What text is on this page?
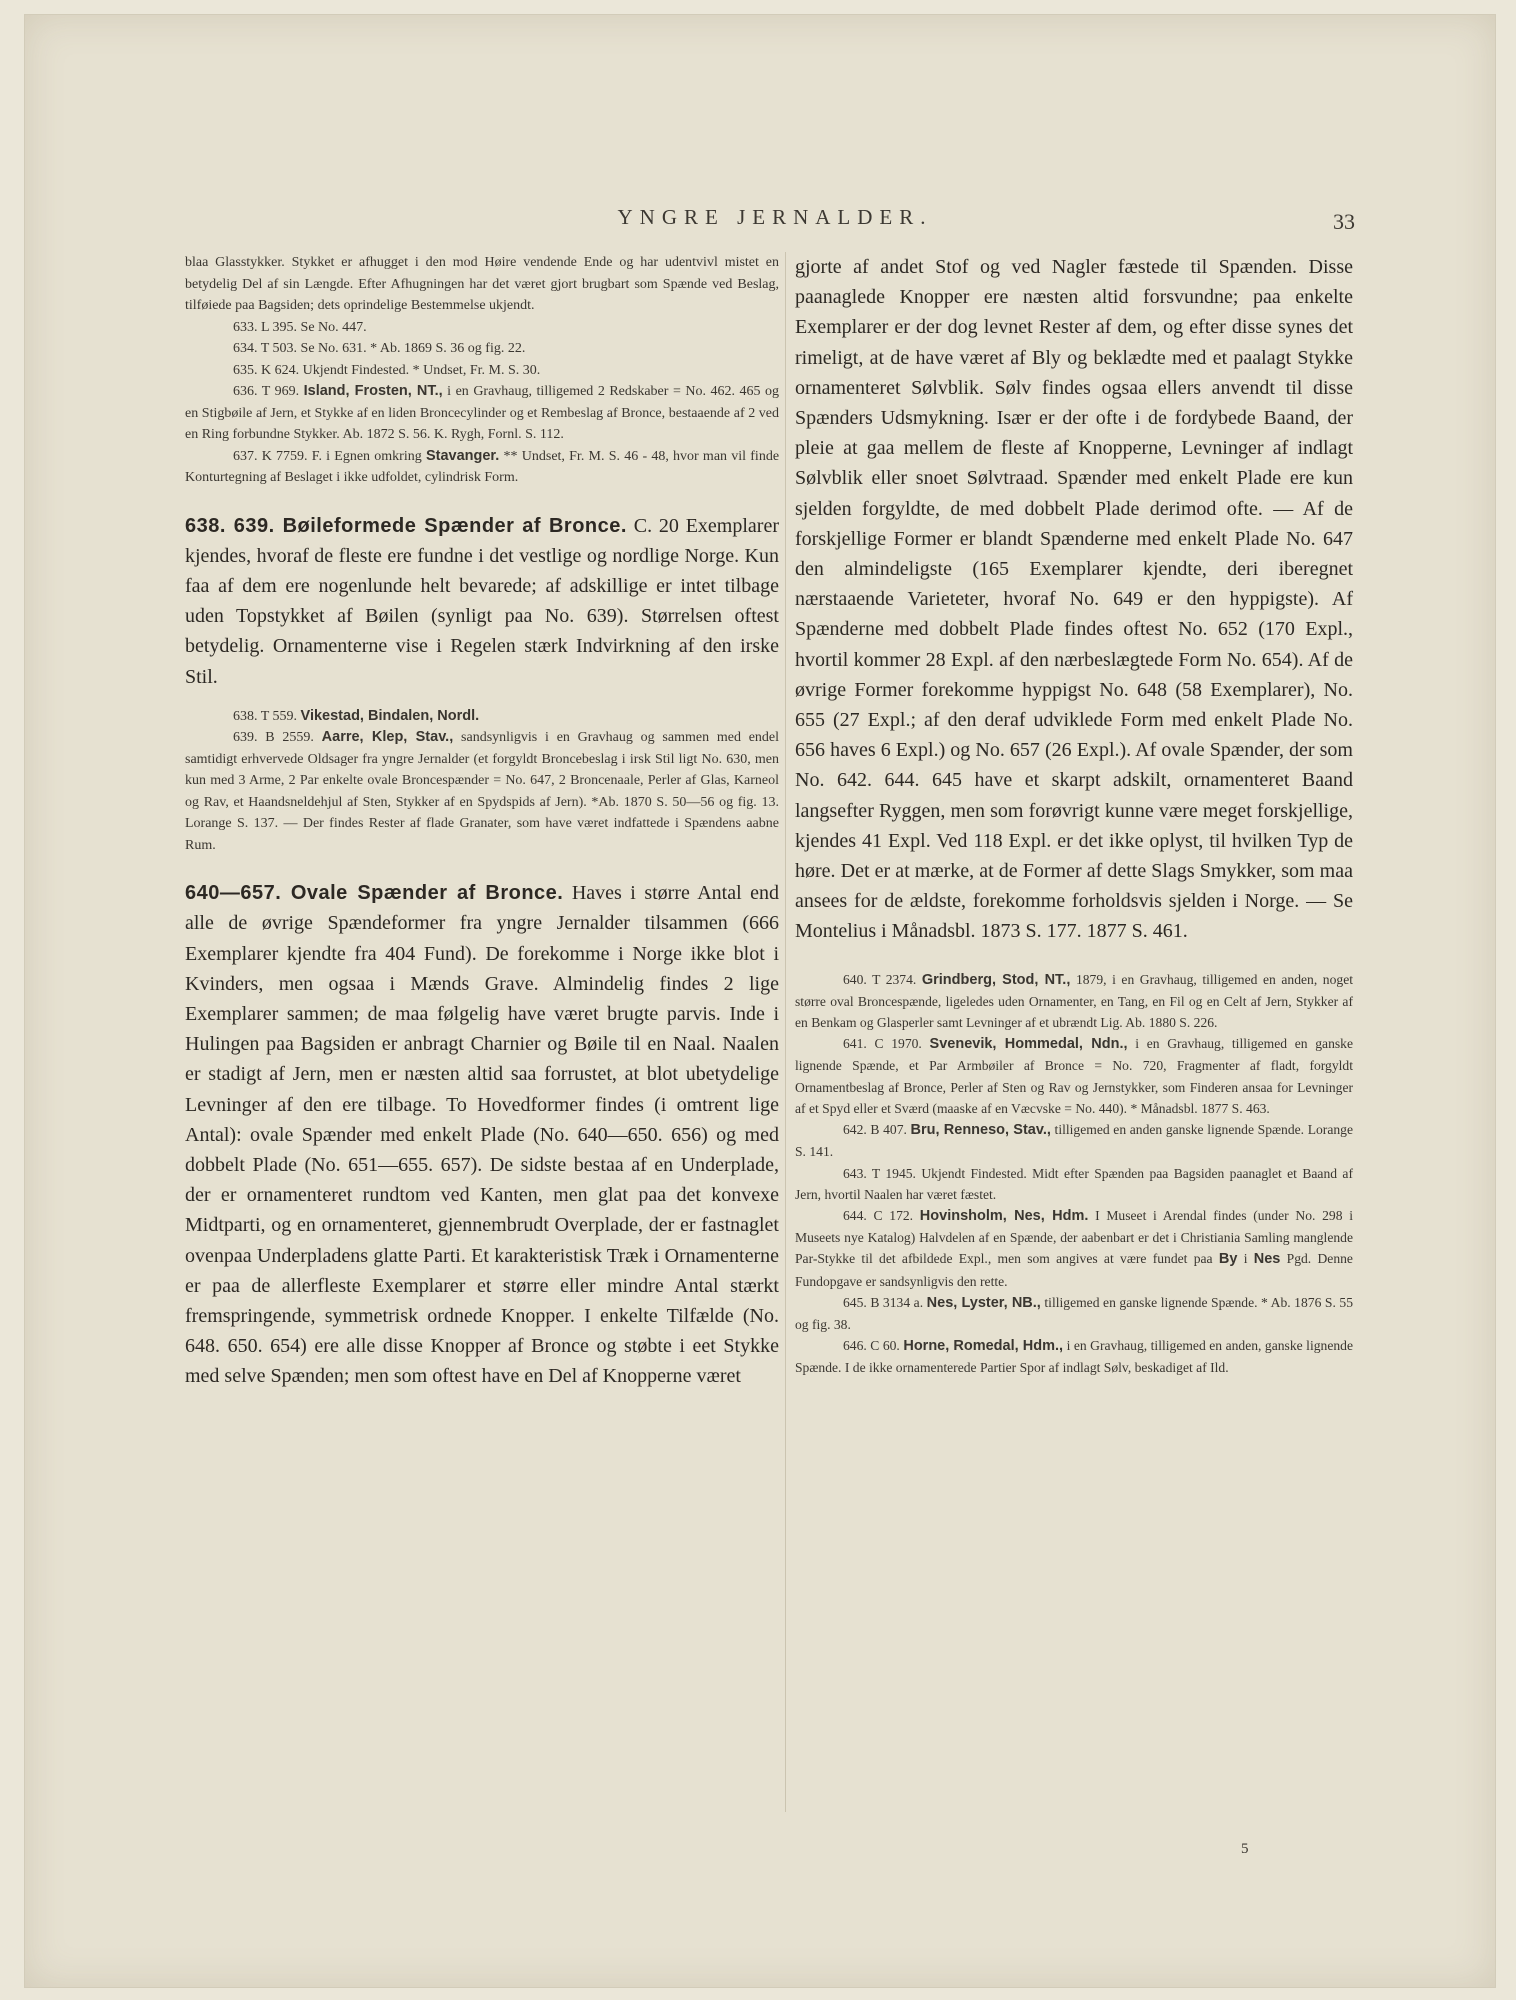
YNGRE JERNALDER.	33

blaa Glasstykker. Stykket er afhugget i den mod Høire vendende Ende og har udentvivl mistet en betydelig Del af sin Længde. Efter Afhugningen har det været gjort brugbart som Spænde ved Beslag, tilføiede paa Bagsiden; dets oprindelige Bestemmelse ukjendt.

633. L 395. Se No. 447.

634. T 503. Se No. 631. * Ab. 1869 S. 36 og fig. 22.

635. K 624. Ukjendt Findested. * Undset, Fr. M. S. 30.

636. T 969. Island, Frosten, NT., i en Gravhaug, tilligemed 2 Redskaber = No. 462. 465 og en Stigbøile af Jern, et Stykke af en liden Broncecylinder og et Rembeslag af Bronce, bestaaende af 2 ved en Ring forbundne Stykker. Ab. 1872 S. 56. K. Rygh, Fornl. S. 112.

637. K 7759. F. i Egnen omkring Stavanger. ** Undset, Fr. M. S. 46 - 48, hvor man vil finde Konturtegning af Beslaget i ikke udfoldet, cylindrisk Form.

638. 639. Bøileformede Spænder af Bronce. C. 20 Exemplarer kjendes, hvoraf de fleste ere fundne i det vestlige og nordlige Norge. Kun faa af dem ere nogenlunde helt bevarede; af adskillige er intet tilbage uden Topstykket af Bøilen (synligt paa No. 639). Størrelsen oftest betydelig. Ornamenterne vise i Regelen stærk Indvirkning af den irske Stil.

638. T 559. Vikestad, Bindalen, Nordl.

639. B 2559. Aarre, Klep, Stav., sandsynligvis i en Gravhaug og sammen med endel samtidigt erhvervede Oldsager fra yngre Jernalder (et forgyldt Broncebeslag i irsk Stil ligt No. 630, men kun med 3 Arme, 2 Par enkelte ovale Broncespænder = No. 647, 2 Broncenaale, Perler af Glas, Karneol og Rav, et Haandsneldehjul af Sten, Stykker af en Spydspids af Jern). *Ab. 1870 S. 50—56 og fig. 13. Lorange S. 137. — Der findes Rester af flade Granater, som have været indfattede i Spændens aabne Rum.

640—657. Ovale Spænder af Bronce. Haves i større Antal end alle de øvrige Spændeformer fra yngre Jernalder tilsammen (666 Exemplarer kjendte fra 404 Fund). De forekomme i Norge ikke blot i Kvinders, men ogsaa i Mænds Grave. Almindelig findes 2 lige Exemplarer sammen; de maa følgelig have været brugte parvis. Inde i Hulingen paa Bagsiden er anbragt Charnier og Bøile til en Naal. Naalen er stadigt af Jern, men er næsten altid saa forrustet, at blot ubetydelige Levninger af den ere tilbage. To Hovedformer findes (i omtrent lige Antal): ovale Spænder med enkelt Plade (No. 640—650. 656) og med dobbelt Plade (No. 651—655. 657). De sidste bestaa af en Underplade, der er ornamenteret rundtom ved Kanten, men glat paa det konvexe Midtparti, og en ornamenteret, gjennembrudt Overplade, der er fastnaglet ovenpaa Underpladens glatte Parti. Et karakteristisk Træk i Ornamenterne er paa de allerfleste Exemplarer et større eller mindre Antal stærkt fremspringende, symmetrisk ordnede Knopper. I enkelte Tilfælde (No. 648. 650. 654) ere alle disse Knopper af Bronce og støbte i eet Stykke med selve Spænden; men som oftest have en Del af Knopperne været

gjorte af andet Stof og ved Nagler fæstede til Spænden. Disse paanaglede Knopper ere næsten altid forsvundne; paa enkelte Exemplarer er der dog levnet Rester af dem, og efter disse synes det rimeligt, at de have været af Bly og beklædte med et paalagt Stykke ornamenteret Sølvblik. Sølv findes ogsaa ellers anvendt til disse Spænders Udsmykning. Især er der ofte i de fordybede Baand, der pleie at gaa mellem de fleste af Knopperne, Levninger af indlagt Sølvblik eller snoet Sølvtraad. Spænder med enkelt Plade ere kun sjelden forgyldte, de med dobbelt Plade derimod ofte. — Af de forskjellige Former er blandt Spænderne med enkelt Plade No. 647 den almindeligste (165 Exemplarer kjendte, deri iberegnet nærstaaende Varieteter, hvoraf No. 649 er den hyppigste). Af Spænderne med dobbelt Plade findes oftest No. 652 (170 Expl., hvortil kommer 28 Expl. af den nærbeslægtede Form No. 654). Af de øvrige Former forekomme hyppigst No. 648 (58 Exemplarer), No. 655 (27 Expl.; af den deraf udviklede Form med enkelt Plade No. 656 haves 6 Expl.) og No. 657 (26 Expl.). Af ovale Spænder, der som No. 642. 644. 645 have et skarpt adskilt, ornamenteret Baand langsefter Ryggen, men som forøvrigt kunne være meget forskjellige, kjendes 41 Expl. Ved 118 Expl. er det ikke oplyst, til hvilken Typ de høre. Det er at mærke, at de Former af dette Slags Smykker, som maa ansees for de ældste, forekomme forholdsvis sjelden i Norge. — Se Montelius i Månadsbl. 1873 S. 177. 1877 S. 461.

640. T 2374. Grindberg, Stod, NT., 1879, i en Gravhaug, tilligemed en anden, noget større oval Broncespænde, ligeledes uden Ornamenter, en Tang, en Fil og en Celt af Jern, Stykker af en Benkam og Glasperler samt Levninger af et ubrændt Lig. Ab. 1880 S. 226.

641. C 1970. Svenevik, Hommedal, Ndn., i en Gravhaug, tilligemed en ganske lignende Spænde, et Par Armbøiler af Bronce = No. 720, Fragmenter af fladt, forgyldt Ornamentbeslag af Bronce, Perler af Sten og Rav og Jernstykker, som Finderen ansaa for Levninger af et Spyd eller et Sværd (maaske af en Væcvske = No. 440). * Månadsbl. 1877 S. 463.

642. B 407. Bru, Renneso, Stav., tilligemed en anden ganske lignende Spænde. Lorange S. 141.

643. T 1945. Ukjendt Findested. Midt efter Spænden paa Bagsiden paanaglet et Baand af Jern, hvortil Naalen har været fæstet.

644. C 172. Hovinsholm, Nes, Hdm. I Museet i Arendal findes (under No. 298 i Museets nye Katalog) Halvdelen af en Spænde, der aabenbart er det i Christiania Samling manglende Par-Stykke til det afbildede Expl., men som angives at være fundet paa By i Nes Pgd. Denne Fundopgave er sandsynligvis den rette.

645. B 3134 a. Nes, Lyster, NB., tilligemed en ganske lignende Spænde. * Ab. 1876 S. 55 og fig. 38.

646. C 60. Horne, Romedal, Hdm., i en Gravhaug, tilligemed en anden, ganske lignende Spænde. I de ikke ornamenterede Partier Spor af indlagt Sølv, beskadiget af Ild.

5
